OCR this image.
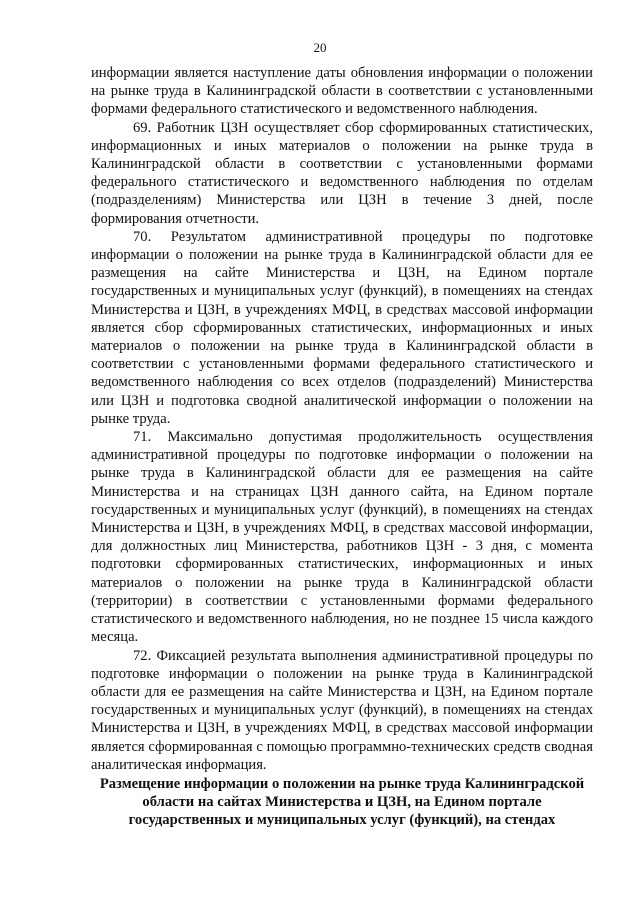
20

информации является наступление даты обновления информации о положении на рынке труда в Калининградской области в соответствии с установленными формами федерального статистического и ведомственного наблюдения.

69. Работник ЦЗН осуществляет сбор сформированных статистических, информационных и иных материалов о положении на рынке труда в Калининградской области в соответствии с установленными формами федерального статистического и ведомственного наблюдения по отделам (подразделениям) Министерства или ЦЗН в течение 3 дней, после формирования отчетности.

70. Результатом административной процедуры по подготовке информации о положении на рынке труда в Калининградской области для ее размещения на сайте Министерства и ЦЗН, на Едином портале государственных и муниципальных услуг (функций), в помещениях на стендах Министерства и ЦЗН, в учреждениях МФЦ, в средствах массовой информации является сбор сформированных статистических, информационных и иных материалов о положении на рынке труда в Калининградской области в соответствии с установленными формами федерального статистического и ведомственного наблюдения со всех отделов (подразделений) Министерства или ЦЗН и подготовка сводной аналитической информации о положении на рынке труда.

71. Максимально допустимая продолжительность осуществления административной процедуры по подготовке информации о положении на рынке труда в Калининградской области для ее размещения на сайте Министерства и на страницах ЦЗН данного сайта, на Едином портале государственных и муниципальных услуг (функций), в помещениях на стендах Министерства и ЦЗН, в учреждениях МФЦ, в средствах массовой информации, для должностных лиц Министерства, работников ЦЗН - 3 дня, с момента подготовки сформированных статистических, информационных и иных материалов о положении на рынке труда в Калининградской области (территории) в соответствии с установленными формами федерального статистического и ведомственного наблюдения, но не позднее 15 числа каждого месяца.

72. Фиксацией результата выполнения административной процедуры по подготовке информации о положении на рынке труда в Калининградской области для ее размещения на сайте Министерства и ЦЗН, на Едином портале государственных и муниципальных услуг (функций), в помещениях на стендах Министерства и ЦЗН, в учреждениях МФЦ, в средствах массовой информации является сформированная с помощью программно-технических средств сводная аналитическая информация.

Размещение информации о положении на рынке труда Калининградской области на сайтах Министерства и ЦЗН, на Едином портале государственных и муниципальных услуг (функций), на стендах
